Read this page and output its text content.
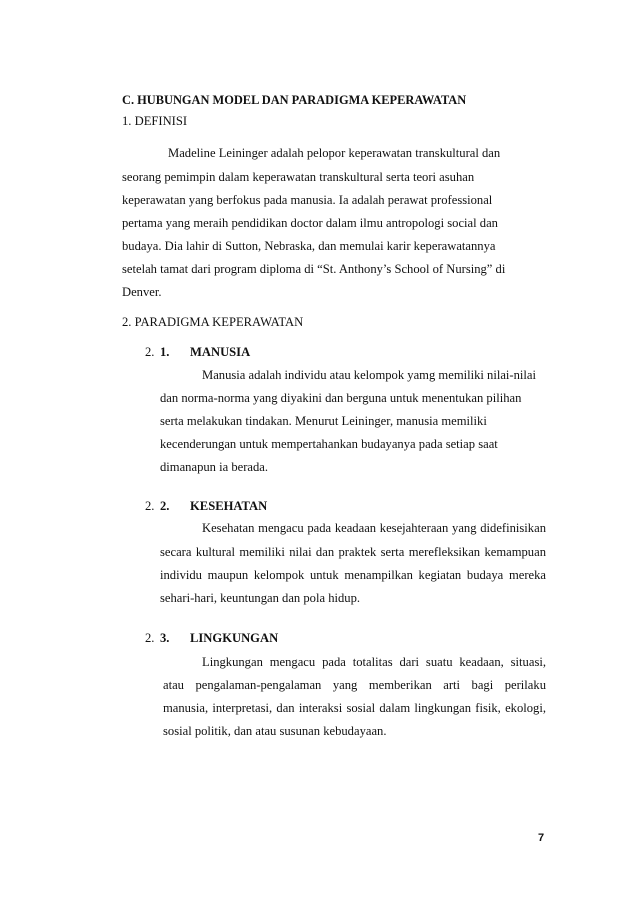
C. HUBUNGAN MODEL DAN PARADIGMA KEPERAWATAN
1. DEFINISI
Madeline Leininger adalah pelopor keperawatan transkultural dan
seorang pemimpin dalam keperawatan transkultural serta teori asuhan
keperawatan yang berfokus pada manusia. Ia adalah perawat professional
pertama yang meraih pendidikan doctor dalam ilmu antropologi social dan
budaya. Dia lahir di Sutton, Nebraska, dan memulai karir keperawatannya
setelah tamat dari program diploma di “St. Anthony’s School of Nursing” di
Denver.
2. PARADIGMA KEPERAWATAN
2. 1. MANUSIA
Manusia adalah individu atau kelompok yamg memiliki nilai-nilai
dan norma-norma yang diyakini dan berguna untuk menentukan pilihan
serta melakukan tindakan. Menurut Leininger, manusia memiliki
kecenderungan untuk mempertahankan budayanya pada setiap saat
dimanapun ia berada.
2. 2. KESEHATAN
Kesehatan mengacu pada keadaan kesejahteraan yang didefinisikan
secara kultural memiliki nilai dan praktek serta merefleksikan kemampuan
individu maupun kelompok untuk menampilkan kegiatan budaya mereka
sehari-hari, keuntungan dan pola hidup.
2. 3. LINGKUNGAN
Lingkungan mengacu pada totalitas dari suatu keadaan, situasi,
atau pengalaman-pengalaman yang memberikan arti bagi perilaku
manusia, interpretasi, dan interaksi sosial dalam lingkungan fisik, ekologi,
sosial politik, dan atau susunan kebudayaan.
7
